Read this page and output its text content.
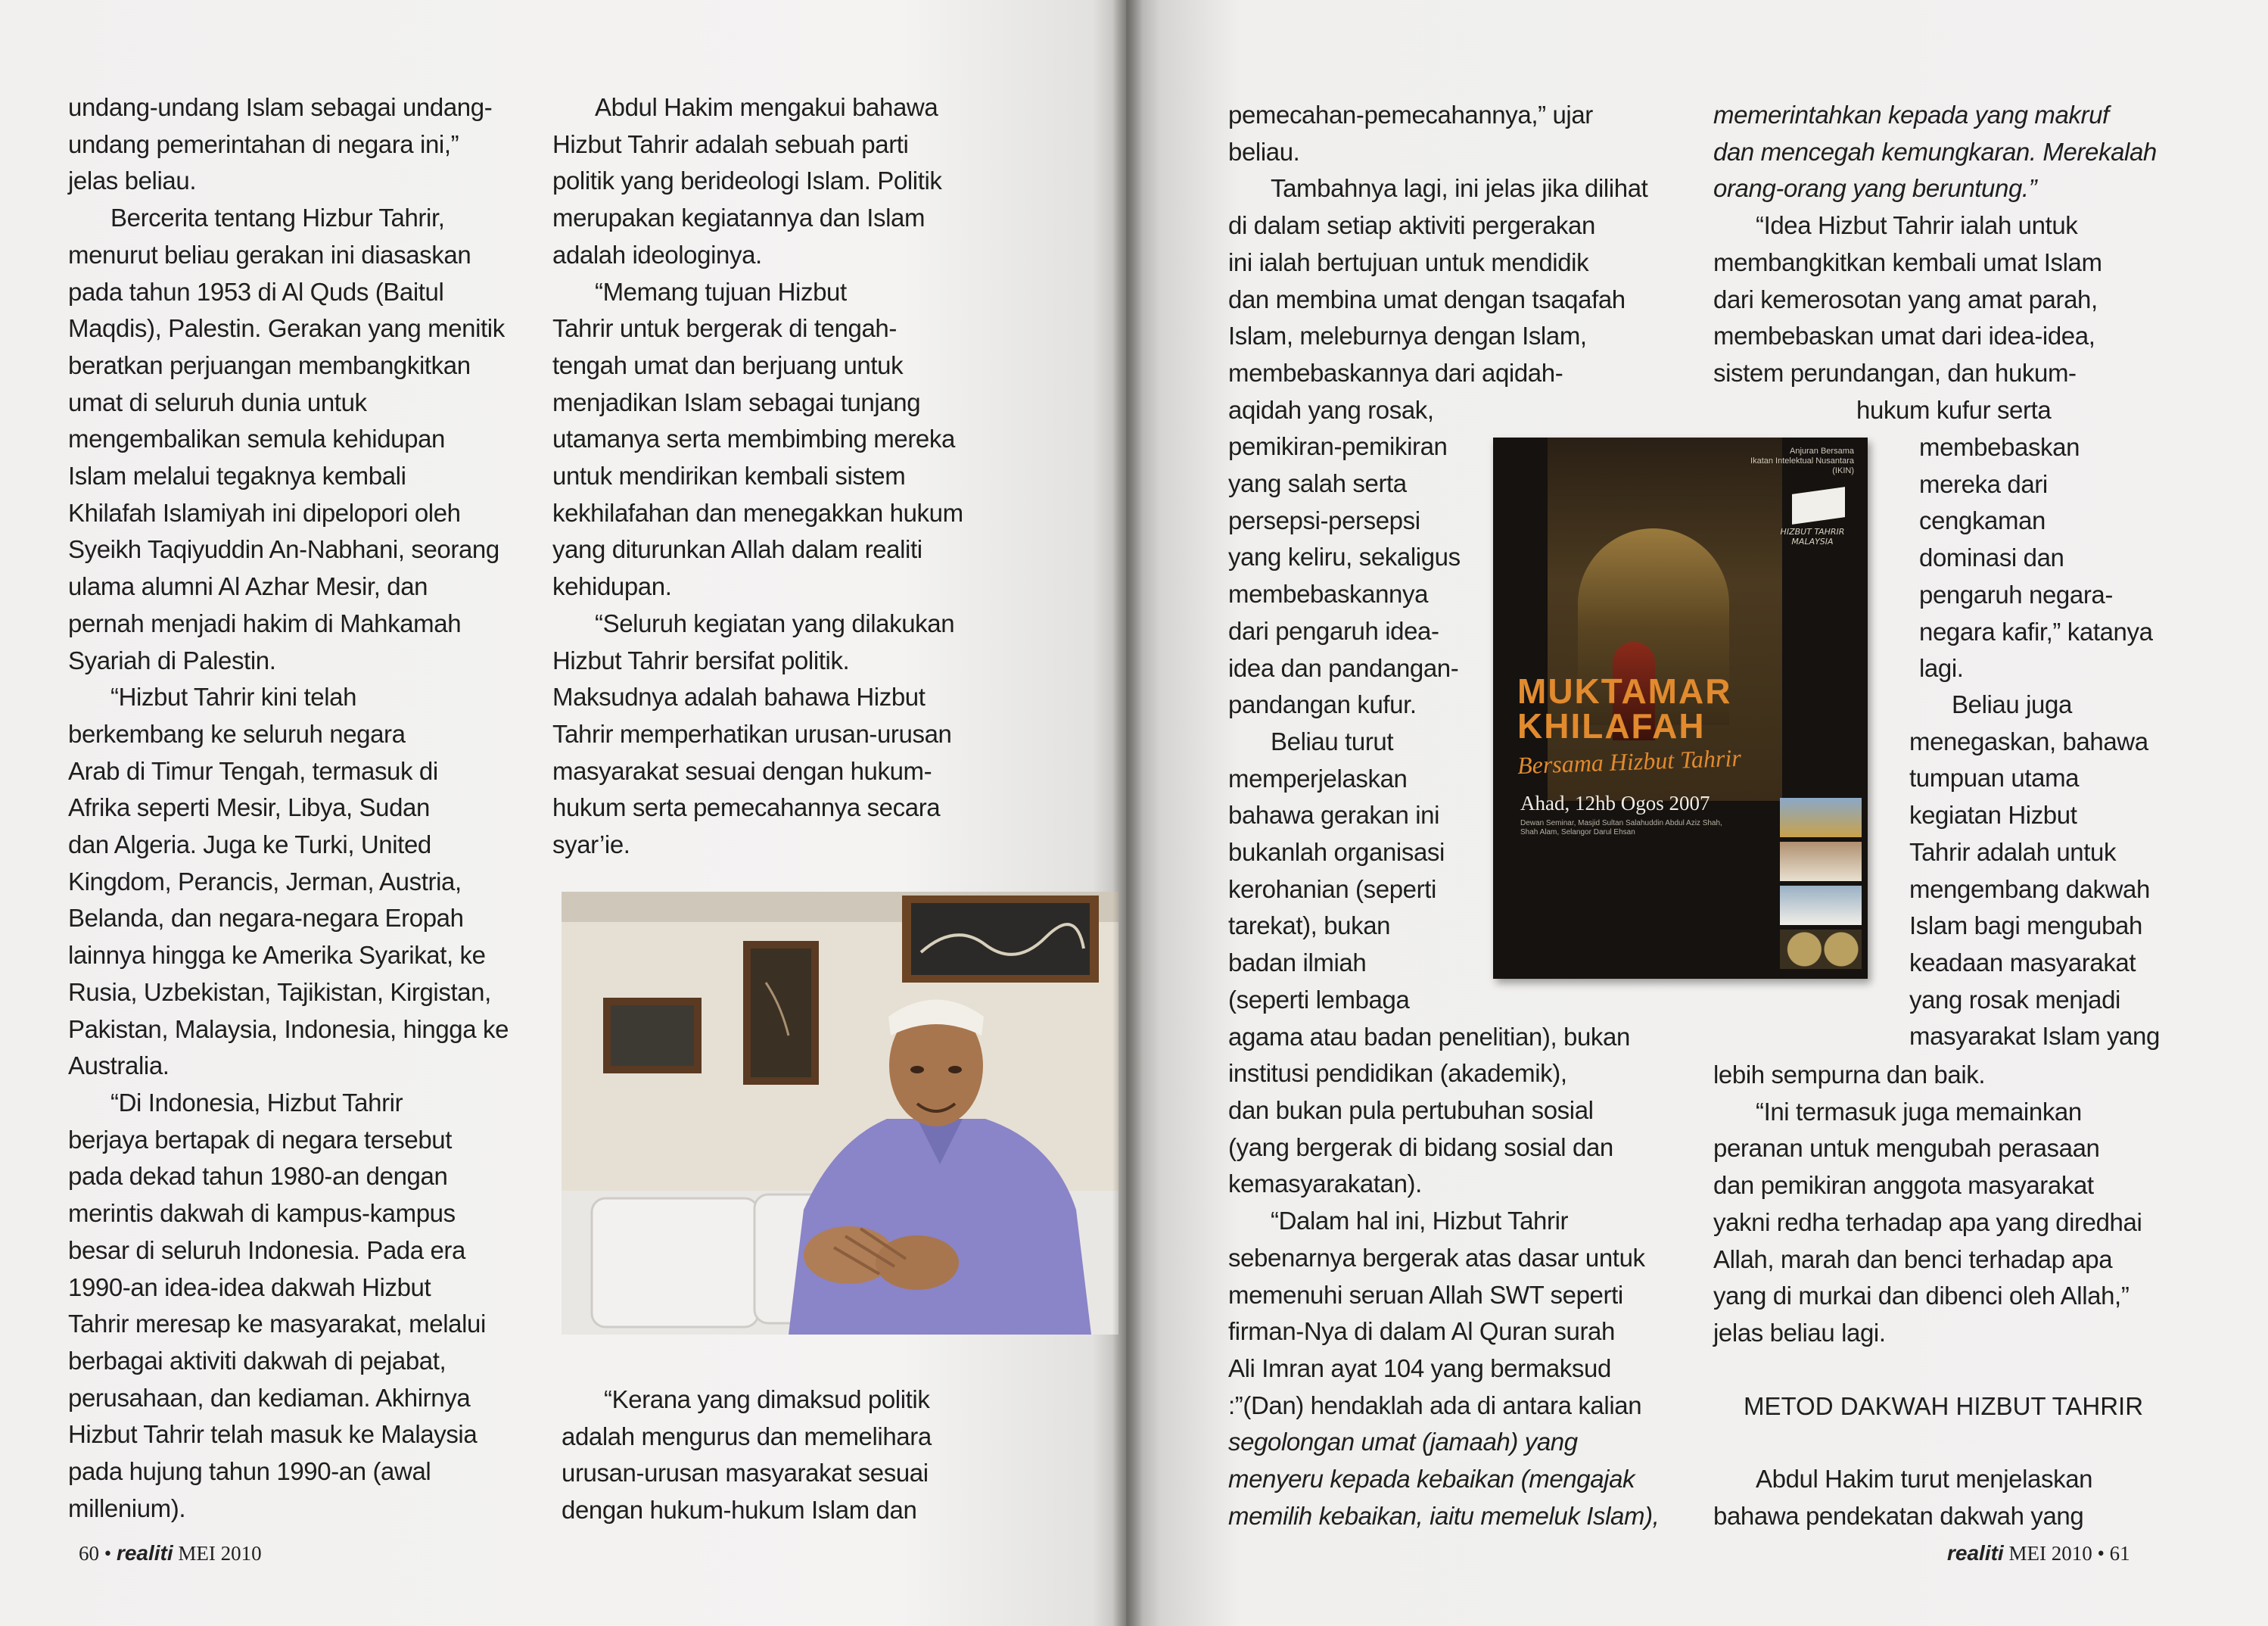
undang-undang Islam sebagai undang-
undang pemerintahan di negara ini,”
jelas beliau.

Bercerita tentang Hizbur Tahrir,
menurut beliau gerakan ini diasaskan
pada tahun 1953 di Al Quds (Baitul
Maqdis), Palestin. Gerakan yang menitik
beratkan perjuangan membangkitkan
umat di seluruh dunia untuk
mengembalikan semula kehidupan
Islam melalui tegaknya kembali
Khilafah Islamiyah ini dipelopori oleh
Syeikh Taqiyuddin An-Nabhani, seorang
ulama alumni Al Azhar Mesir, dan
pernah menjadi hakim di Mahkamah
Syariah di Palestin.

“Hizbut Tahrir kini telah
berkembang ke seluruh negara
Arab di Timur Tengah, termasuk di
Afrika seperti Mesir, Libya, Sudan
dan Algeria. Juga ke Turki, United
Kingdom, Perancis, Jerman, Austria,
Belanda, dan negara-negara Eropah
lainnya hingga ke Amerika Syarikat, ke
Rusia, Uzbekistan, Tajikistan, Kirgistan,
Pakistan, Malaysia, Indonesia, hingga ke
Australia.

“Di Indonesia, Hizbut Tahrir
berjaya bertapak di negara tersebut
pada dekad tahun 1980-an dengan
merintis dakwah di kampus-kampus
besar di seluruh Indonesia. Pada era
1990-an idea-idea dakwah Hizbut
Tahrir meresap ke masyarakat, melalui
berbagai aktiviti dakwah di pejabat,
perusahaan, dan kediaman. Akhirnya
Hizbut Tahrir telah masuk ke Malaysia
pada hujung tahun 1990-an (awal
millenium).

Abdul Hakim mengakui bahawa
Hizbut Tahrir adalah sebuah parti
politik yang berideologi Islam. Politik
merupakan kegiatannya dan Islam
adalah ideologinya.

“Memang tujuan Hizbut
Tahrir untuk bergerak di tengah-
tengah umat dan berjuang untuk
menjadikan Islam sebagai tunjang
utamanya serta membimbing mereka
untuk mendirikan kembali sistem
kekhilafahan dan menegakkan hukum
yang diturunkan Allah dalam realiti
kehidupan.

“Seluruh kegiatan yang dilakukan
Hizbut Tahrir bersifat politik.
Maksudnya adalah bahawa Hizbut
Tahrir memperhatikan urusan-urusan
masyarakat sesuai dengan hukum-
hukum serta pemecahannya secara
syar’ie.

“Kerana yang dimaksud politik
adalah mengurus dan memelihara
urusan-urusan masyarakat sesuai
dengan hukum-hukum Islam dan

60 • realiti MEI 2010

pemecahan-pemecahannya,” ujar
beliau.

Tambahnya lagi, ini jelas jika dilihat
di dalam setiap aktiviti pergerakan
ini ialah bertujuan untuk mendidik
dan membina umat dengan tsaqafah
Islam, meleburnya dengan Islam,
membebaskannya dari aqidah-
aqidah yang rosak,
pemikiran-pemikiran
yang salah serta
persepsi-persepsi
yang keliru, sekaligus
membebaskannya
dari pengaruh idea-
idea dan pandangan-
pandangan kufur.

Beliau turut
memperjelaskan
bahawa gerakan ini
bukanlah organisasi
kerohanian (seperti
tarekat), bukan
badan ilmiah
(seperti lembaga
agama atau badan penelitian), bukan
institusi pendidikan (akademik),
dan bukan pula pertubuhan sosial
(yang bergerak di bidang sosial dan
kemasyarakatan).

“Dalam hal ini, Hizbut Tahrir
sebenarnya bergerak atas dasar untuk
memenuhi seruan Allah SWT seperti
firman-Nya di dalam Al Quran surah
Ali Imran ayat 104 yang bermaksud
:”(Dan) hendaklah ada di antara kalian

segolongan umat (jamaah) yang
menyeru kepada kebaikan (mengajak
memilih kebaikan, iaitu memeluk Islam),

memerintahkan kepada yang makruf
dan mencegah kemungkaran. Merekalah
orang-orang yang beruntung.”

“Idea Hizbut Tahrir ialah untuk
membangkitkan kembali umat Islam
dari kemerosotan yang amat parah,
membebaskan umat dari idea-idea,
sistem perundangan, dan hukum-

hukum kufur serta

membebaskan
mereka dari
cengkaman
dominasi dan
pengaruh negara-
negara kafir,” katanya
lagi.

Beliau juga
menegaskan, bahawa
tumpuan utama
kegiatan Hizbut
Tahrir adalah untuk
mengembang dakwah
Islam bagi mengubah
keadaan masyarakat
yang rosak menjadi
masyarakat Islam yang

lebih sempurna dan baik.

“Ini termasuk juga memainkan
peranan untuk mengubah perasaan
dan pemikiran anggota masyarakat
yakni redha terhadap apa yang diredhai
Allah, marah dan benci terhadap apa
yang di murkai dan dibenci oleh Allah,”
jelas beliau lagi.

METOD DAKWAH HIZBUT TAHRIR

Abdul Hakim turut menjelaskan
bahawa pendekatan dakwah yang

realiti MEI 2010 • 61
Anjuran Bersama
Ikatan Intelektual Nusantara (IKIN)
HIZBUT TAHRIR
MALAYSIA
MUKTAMAR
KHILAFAH
Bersama Hizbut Tahrir
Ahad, 12hb Ogos 2007
Dewan Seminar, Masjid Sultan Salahuddin Abdul Aziz Shah, Shah Alam, Selangor Darul Ehsan
